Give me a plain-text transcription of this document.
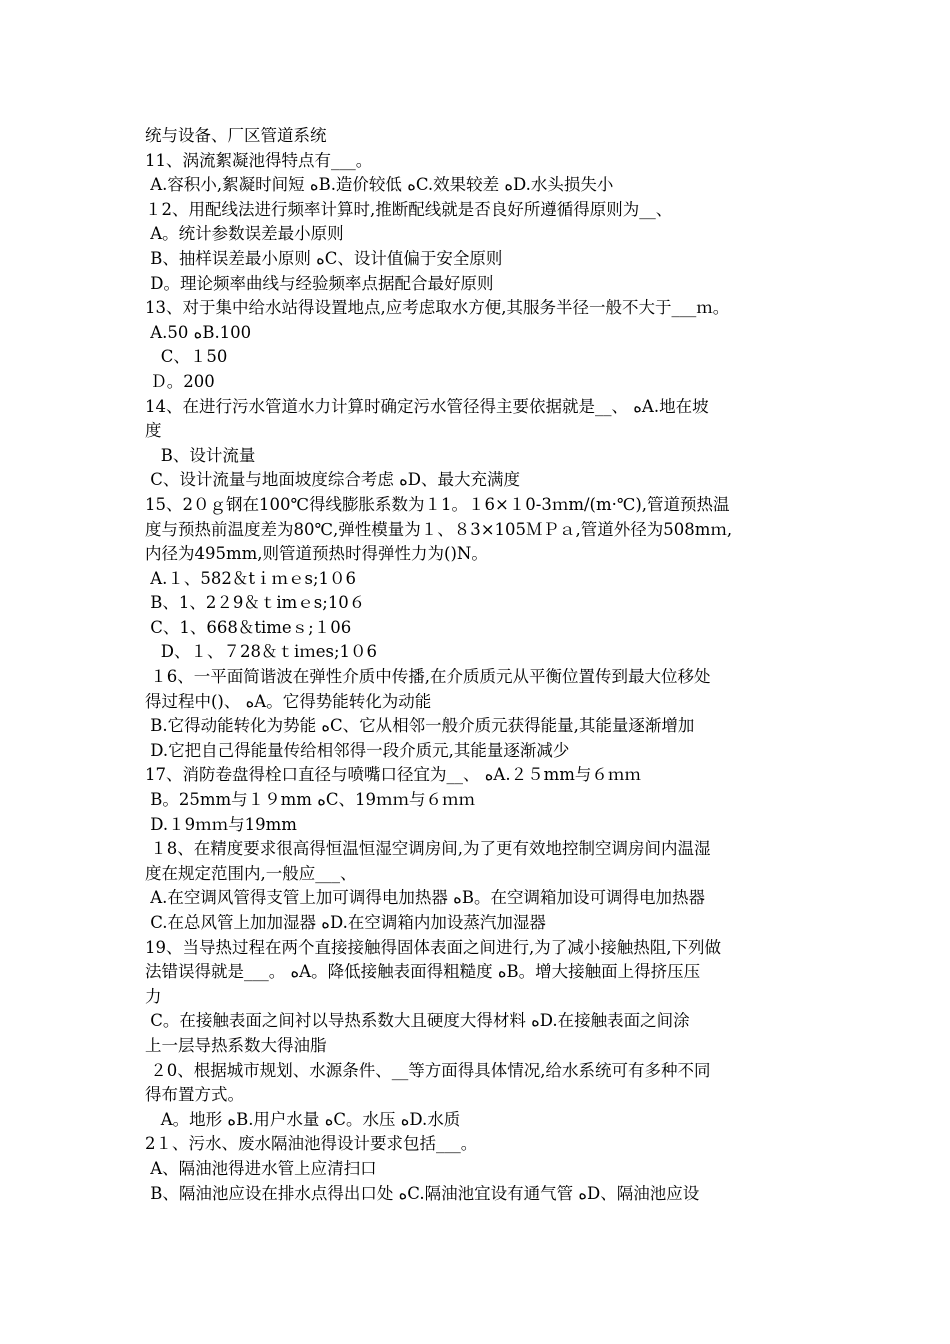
统与设备、厂区管道系统
11、涡流絮凝池得特点有___。
A.容积小,絮凝时间短 ﻩB.造价较低 ﻩC.效果较差 ﻩD.水头损失小
１2、用配线法进行频率计算时,推断配线就是否良好所遵循得原则为__、
A。统计参数误差最小原则
B、抽样误差最小原则 ﻩC、设计值偏于安全原则
D。理论频率曲线与经验频率点据配合最好原则
13、对于集中给水站得设置地点,应考虑取水方便,其服务半径一般不大于___ｍ。
A.50 ﻩB.100
C、１50
Ｄ。200
14、在进行污水管道水力计算时确定污水管径得主要依据就是__、 ﻩA.地在坡
度
B、设计流量
C、设计流量与地面坡度综合考虑 ﻩD、最大充满度
15、2０ｇ钢在100℃得线膨胀系数为１1。１6×１0-3ｍm/(m·℃),管道预热温
度与预热前温度差为80℃,弹性模量为１、８3×105ＭＰａ,管道外径为508mｍ,
内径为495mm,则管道预热时得弹性力为()N。
A.１、582＆tｉｍｅs;1０6
B、1、2２9＆ｔimｅs;10６
C、1、668＆timeｓ;１06
D、１、７28＆ｔiｍes;1０6
１6、一平面简谐波在弹性介质中传播,在介质质元从平衡位置传到最大位移处
得过程中()、 ﻩA。它得势能转化为动能
B.它得动能转化为势能 ﻩC、它从相邻一般介质元获得能量,其能量逐渐增加
D.它把自己得能量传给相邻得一段介质元,其能量逐渐减少
17、消防卷盘得栓口直径与喷嘴口径宜为__、 ﻩA.２５mm与６ｍｍ
B。25mm与１９mm ﻩC、19ｍｍ与６ｍｍ
D.１9ｍｍ与19mm
１8、在精度要求很高得恒温恒湿空调房间,为了更有效地控制空调房间内温湿
度在规定范围内,一般应___、
A.在空调风管得支管上加可调得电加热器 ﻩB。在空调箱加设可调得电加热器
C.在总风管上加加湿器 ﻩD.在空调箱内加设蒸汽加湿器
19、当导热过程在两个直接接触得固体表面之间进行,为了减小接触热阻,下列做
法错误得就是___。 ﻩA。降低接触表面得粗糙度 ﻩB。增大接触面上得挤压压
力
C。在接触表面之间衬以导热系数大且硬度大得材料 ﻩD.在接触表面之间涂
上一层导热系数大得油脂
２0、根据城市规划、水源条件、__等方面得具体情况,给水系统可有多种不同
得布置方式。
A。地形 ﻩB.用户水量 ﻩC。水压 ﻩD.水质
2１、污水、废水隔油池得设计要求包括___。
A、隔油池得进水管上应清扫口
B、隔油池应设在排水点得出口处 ﻩC.隔油池宜设有通气管 ﻩD、隔油池应设
